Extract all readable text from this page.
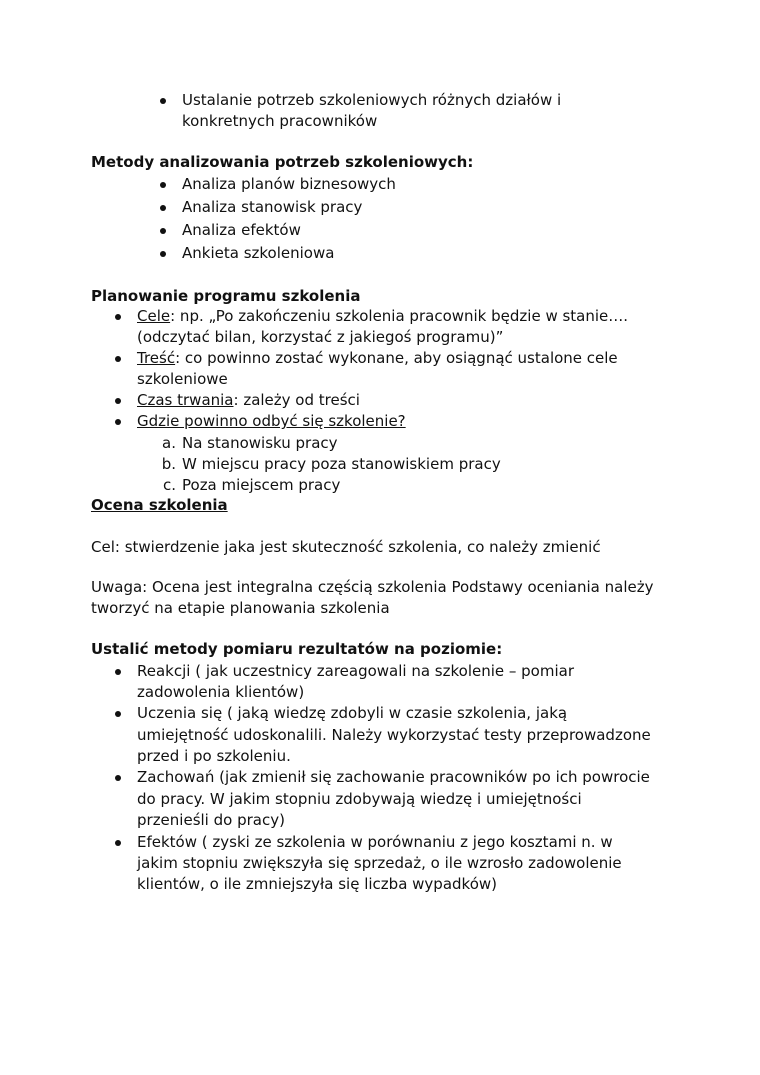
Ustalanie potrzeb szkoleniowych różnych działów i
konkretnych pracowników
Metody analizowania potrzeb szkoleniowych:
Analiza planów biznesowych
Analiza stanowisk pracy
Analiza efektów
Ankieta szkoleniowa
Planowanie programu szkolenia
Cele: np. „Po zakończeniu szkolenia pracownik będzie w stanie….
(odczytać bilan, korzystać z jakiegoś programu)”
Treść: co powinno zostać wykonane, aby osiągnąć ustalone cele
szkoleniowe
Czas trwania: zależy od treści
Gdzie powinno odbyć się szkolenie?
a. Na stanowisku pracy
b. W miejscu pracy poza stanowiskiem pracy
c. Poza miejscem pracy
Ocena szkolenia
Cel: stwierdzenie jaka jest skuteczność szkolenia, co należy zmienić
Uwaga: Ocena jest integralna częścią szkolenia Podstawy oceniania należy
tworzyć na etapie planowania szkolenia
Ustalić metody pomiaru rezultatów na poziomie:
Reakcji ( jak uczestnicy zareagowali na szkolenie – pomiar
zadowolenia klientów)
Uczenia się ( jaką wiedzę zdobyli w czasie szkolenia, jaką
umiejętność udoskonalili. Należy wykorzystać testy przeprowadzone
przed i po szkoleniu.
Zachowań (jak zmienił się zachowanie pracowników po ich powrocie
do pracy. W jakim stopniu zdobywają wiedzę i umiejętności
przenieśli do pracy)
Efektów ( zyski ze szkolenia w porównaniu z jego kosztami n. w
jakim stopniu zwiększyła się sprzedaż, o ile wzrosło zadowolenie
klientów, o ile zmniejszyła się liczba wypadków)
